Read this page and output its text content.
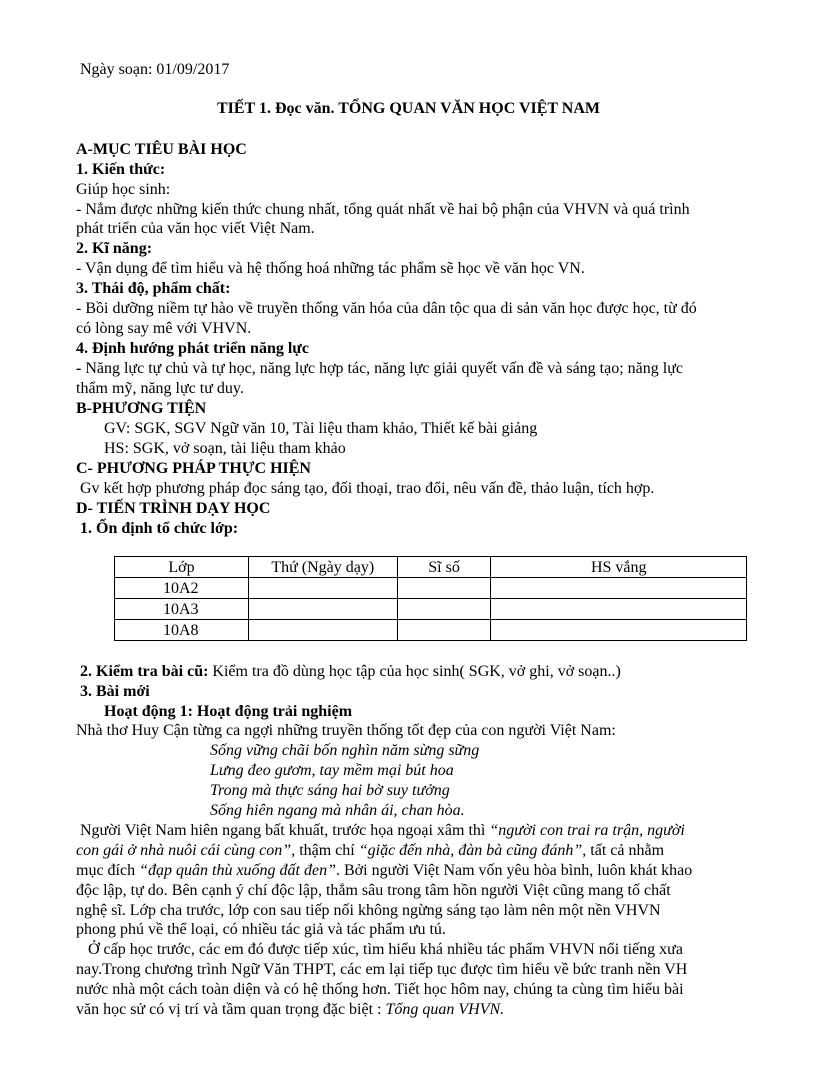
Ngày soạn: 01/09/2017
TIẾT 1. Đọc văn. TỔNG QUAN VĂN HỌC VIỆT NAM
A-MỤC TIÊU BÀI HỌC
1. Kiến thức:
Giúp học sinh:
- Nắm được những kiến thức chung nhất, tổng quát nhất về hai bộ phận của VHVN và quá trình
phát triển của văn học viết Việt Nam.
2. Kĩ năng:
- Vận dụng để tìm hiểu và hệ thống hoá những tác phẩm sẽ học về văn học VN.
3. Thái độ, phẩm chất:
- Bồi dưỡng niềm tự hào về truyền thống văn hóa của dân tộc qua di sản văn học được học, từ đó
có lòng say mê với VHVN.
4. Định hướng phát triển năng lực
- Năng lực tự chủ và tự học, năng lực hợp tác, năng lực giải quyết vấn đề và sáng tạo; năng lực
thẩm mỹ, năng lực tư duy.
B-PHƯƠNG TIỆN
GV: SGK, SGV Ngữ văn 10, Tài liệu tham khảo, Thiết kế bài giảng
HS: SGK, vở soạn, tài liệu tham khảo
C- PHƯƠNG PHÁP THỰC HIỆN
Gv kết hợp phương pháp đọc sáng tạo, đối thoại, trao đổi, nêu vấn đề, thảo luận, tích hợp.
D- TIẾN TRÌNH DẠY HỌC
1. Ổn định tổ chức lớp:
Lớp	Thứ (Ngày dạy)	Sĩ số	HS vắng
10A2			
10A3			
10A8			
2. Kiểm tra bài cũ: Kiểm tra đồ dùng học tập của học sinh( SGK, vở ghi, vở soạn..)
3. Bài mới
Hoạt động 1: Hoạt động trải nghiệm
Nhà thơ Huy Cận từng ca ngợi những truyền thống tốt đẹp của con người Việt Nam:
Sống vững chãi bốn nghìn năm sừng sững
Lưng đeo gươm, tay mềm mại bút hoa
Trong mà thực sáng hai bờ suy tưởng
Sống hiên ngang mà nhân ái, chan hòa.
Người Việt Nam hiên ngang bất khuất, trước họa ngoại xâm thì “người con trai ra trận, người
con gái ở nhà nuôi cái cùng con”, thậm chí “giặc đến nhà, đàn bà cũng đánh”, tất cả nhằm
mục đích “đạp quân thù xuống đất đen”. Bởi người Việt Nam vốn yêu hòa bình, luôn khát khao
độc lập, tự do. Bên cạnh ý chí độc lập, thắm sâu trong tâm hồn người Việt cũng mang tố chất
nghệ sĩ. Lớp cha trước, lớp con sau tiếp nối không ngừng sáng tạo làm nên một nền VHVN
phong phú về thể loại, có nhiều tác giả và tác phẩm ưu tú.
Ở cấp học trước, các em đó được tiếp xúc, tìm hiểu khá nhiều tác phẩm VHVN nổi tiếng xưa
nay.Trong chương trình Ngữ Văn THPT, các em lại tiếp tục được tìm hiểu về bức tranh nền VH
nước nhà một cách toàn diện và có hệ thống hơn. Tiết học hôm nay, chúng ta cùng tìm hiểu bài
văn học sử có vị trí và tầm quan trọng đặc biệt : Tổng quan VHVN.
